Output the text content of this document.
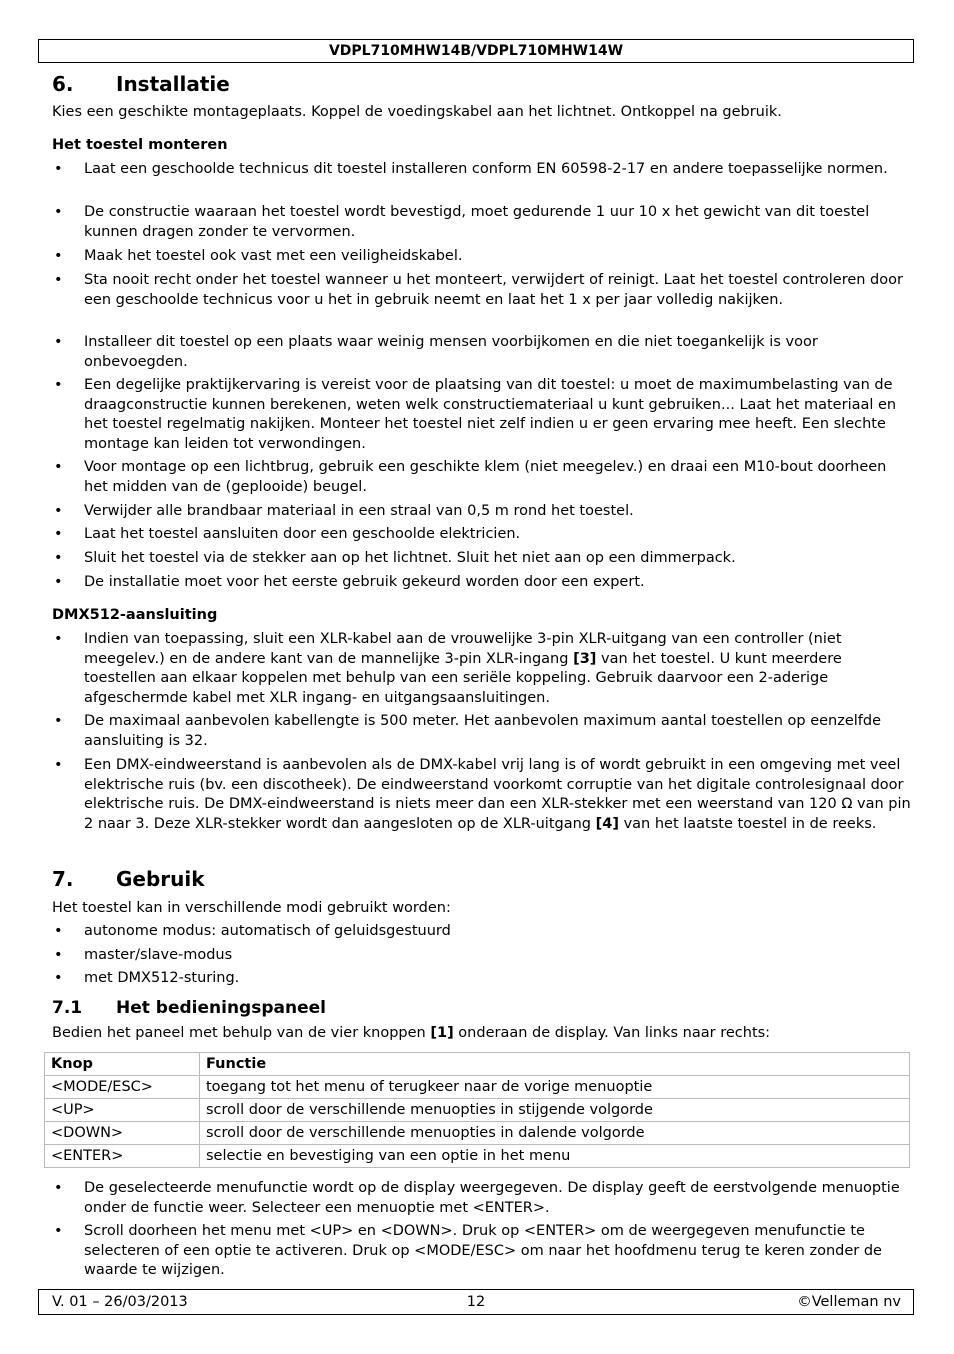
VDPL710MHW14B/VDPL710MHW14W
6. Installatie
Kies een geschikte montageplaats. Koppel de voedingskabel aan het lichtnet. Ontkoppel na gebruik.
Het toestel monteren
• Laat een geschoolde technicus dit toestel installeren conform EN 60598-2-17 en andere toepasselijke normen.
• De constructie waaraan het toestel wordt bevestigd, moet gedurende 1 uur 10 x het gewicht van dit toestel kunnen dragen zonder te vervormen.
• Maak het toestel ook vast met een veiligheidskabel.
• Sta nooit recht onder het toestel wanneer u het monteert, verwijdert of reinigt. Laat het toestel controleren door een geschoolde technicus voor u het in gebruik neemt en laat het 1 x per jaar volledig nakijken.
• Installeer dit toestel op een plaats waar weinig mensen voorbijkomen en die niet toegankelijk is voor onbevoegden.
• Een degelijke praktijkervaring is vereist voor de plaatsing van dit toestel: u moet de maximumbelasting van de draagconstructie kunnen berekenen, weten welk constructiemateriaal u kunt gebruiken... Laat het materiaal en het toestel regelmatig nakijken. Monteer het toestel niet zelf indien u er geen ervaring mee heeft. Een slechte montage kan leiden tot verwondingen.
• Voor montage op een lichtbrug, gebruik een geschikte klem (niet meegelev.) en draai een M10-bout doorheen het midden van de (geplooide) beugel.
• Verwijder alle brandbaar materiaal in een straal van 0,5 m rond het toestel.
• Laat het toestel aansluiten door een geschoolde elektricien.
• Sluit het toestel via de stekker aan op het lichtnet. Sluit het niet aan op een dimmerpack.
• De installatie moet voor het eerste gebruik gekeurd worden door een expert.
DMX512-aansluiting
• Indien van toepassing, sluit een XLR-kabel aan de vrouwelijke 3-pin XLR-uitgang van een controller (niet meegelev.) en de andere kant van de mannelijke 3-pin XLR-ingang [3] van het toestel. U kunt meerdere toestellen aan elkaar koppelen met behulp van een seriële koppeling. Gebruik daarvoor een 2-aderige afgeschermde kabel met XLR ingang- en uitgangsaansluitingen.
• De maximaal aanbevolen kabellengte is 500 meter. Het aanbevolen maximum aantal toestellen op eenzelfde aansluiting is 32.
• Een DMX-eindweerstand is aanbevolen als de DMX-kabel vrij lang is of wordt gebruikt in een omgeving met veel elektrische ruis (bv. een discotheek). De eindweerstand voorkomt corruptie van het digitale controlesignaal door elektrische ruis. De DMX-eindweerstand is niets meer dan een XLR-stekker met een weerstand van 120 Ω van pin 2 naar 3. Deze XLR-stekker wordt dan aangesloten op de XLR-uitgang [4] van het laatste toestel in de reeks.
7. Gebruik
Het toestel kan in verschillende modi gebruikt worden:
• autonome modus: automatisch of geluidsgestuurd
• master/slave-modus
• met DMX512-sturing.
7.1 Het bedieningspaneel
Bedien het paneel met behulp van de vier knoppen [1] onderaan de display. Van links naar rechts:
Knop	Functie
<MODE/ESC>	toegang tot het menu of terugkeer naar de vorige menuoptie
<UP>	scroll door de verschillende menuopties in stijgende volgorde
<DOWN>	scroll door de verschillende menuopties in dalende volgorde
<ENTER>	selectie en bevestiging van een optie in het menu
• De geselecteerde menufunctie wordt op de display weergegeven. De display geeft de eerstvolgende menuoptie onder de functie weer. Selecteer een menuoptie met <ENTER>.
• Scroll doorheen het menu met <UP> en <DOWN>. Druk op <ENTER> om de weergegeven menufunctie te selecteren of een optie te activeren. Druk op <MODE/ESC> om naar het hoofdmenu terug te keren zonder de waarde te wijzigen.
V. 01 – 26/03/2013	12	©Velleman nv
